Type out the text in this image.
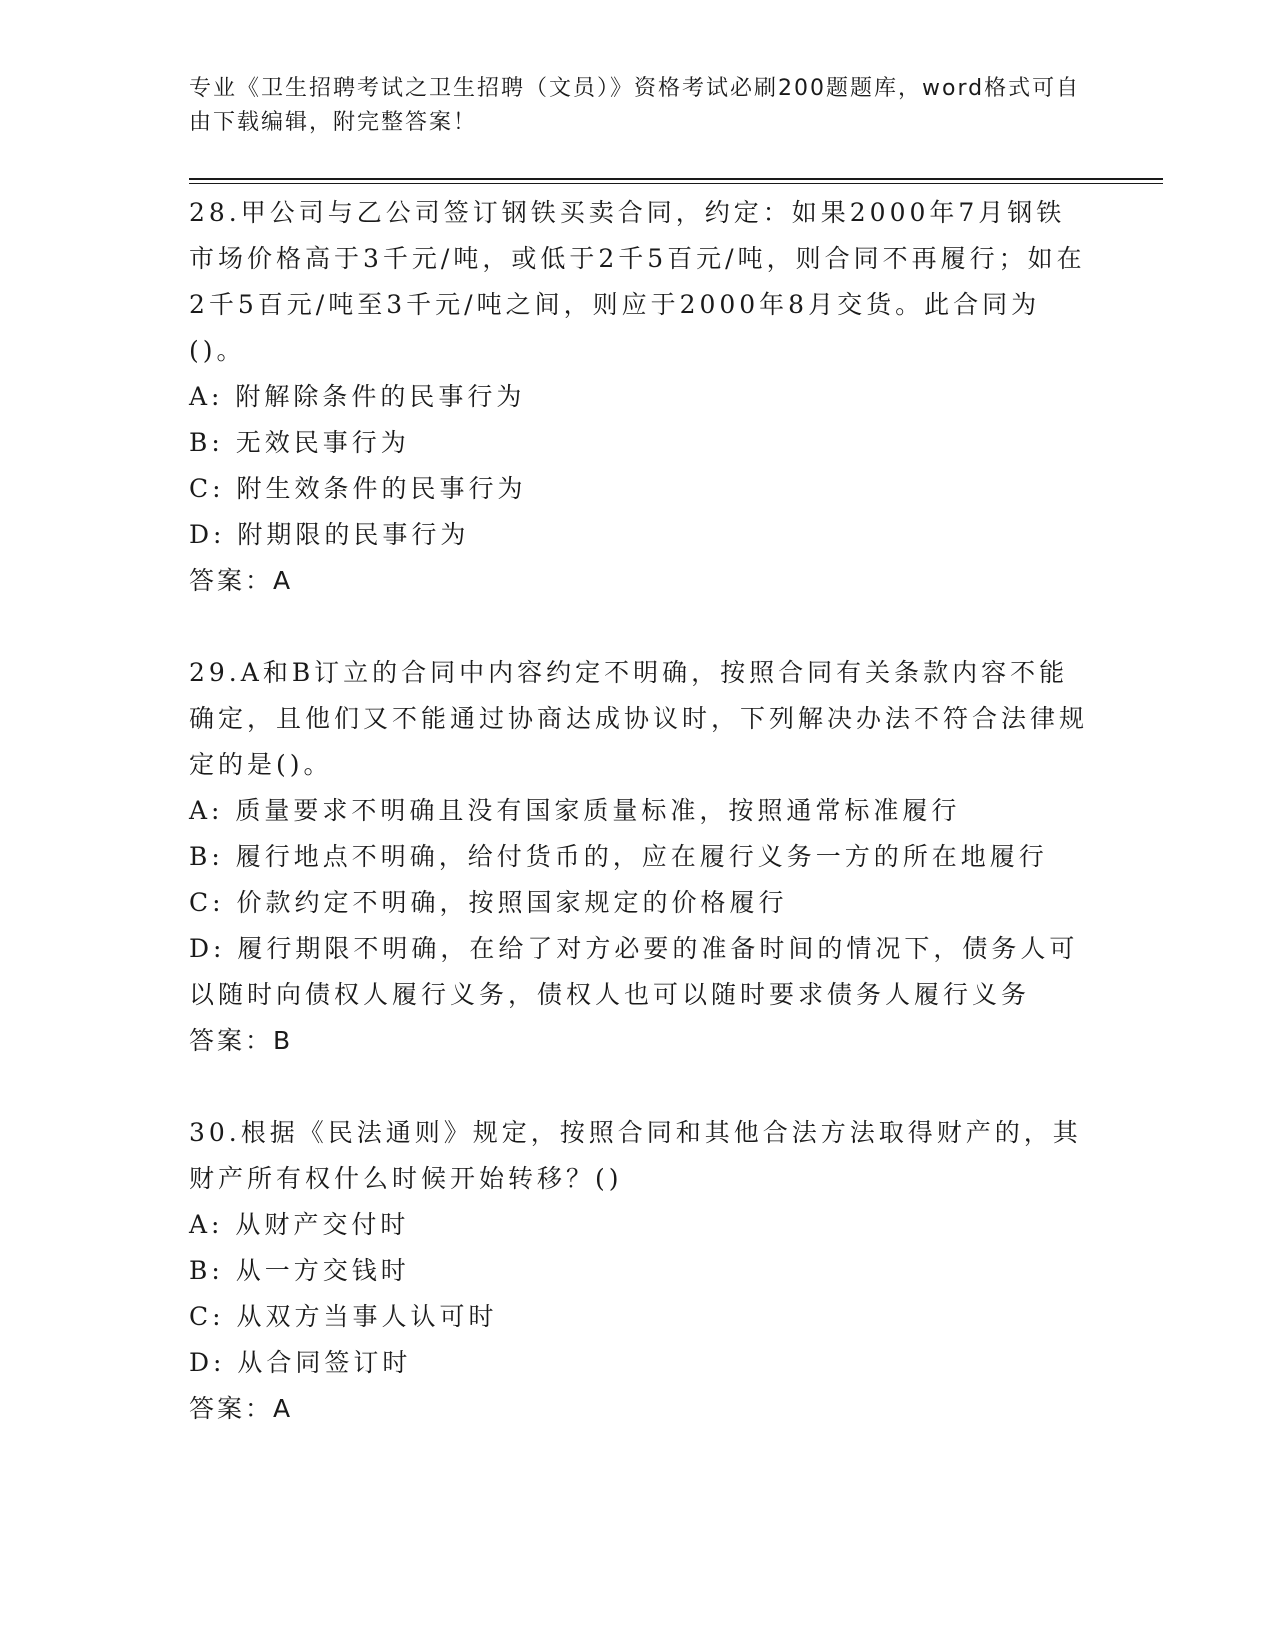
专业《卫生招聘考试之卫生招聘（文员）》资格考试必刷200题题库，word格式可自由下载编辑，附完整答案！

28.甲公司与乙公司签订钢铁买卖合同，约定：如果2000年7月钢铁市场价格高于3千元/吨，或低于2千5百元/吨，则合同不再履行；如在2千5百元/吨至3千元/吨之间，则应于2000年8月交货。此合同为()。

A: 附解除条件的民事行为

B: 无效民事行为

C: 附生效条件的民事行为

D: 附期限的民事行为

答案：A

29.A和B订立的合同中内容约定不明确，按照合同有关条款内容不能确定，且他们又不能通过协商达成协议时，下列解决办法不符合法律规定的是()。

A: 质量要求不明确且没有国家质量标准，按照通常标准履行

B: 履行地点不明确，给付货币的，应在履行义务一方的所在地履行

C: 价款约定不明确，按照国家规定的价格履行

D: 履行期限不明确，在给了对方必要的准备时间的情况下，债务人可以随时向债权人履行义务，债权人也可以随时要求债务人履行义务

答案：B

30.根据《民法通则》规定，按照合同和其他合法方法取得财产的，其财产所有权什么时候开始转移？()

A: 从财产交付时

B: 从一方交钱时

C: 从双方当事人认可时

D: 从合同签订时

答案：A
